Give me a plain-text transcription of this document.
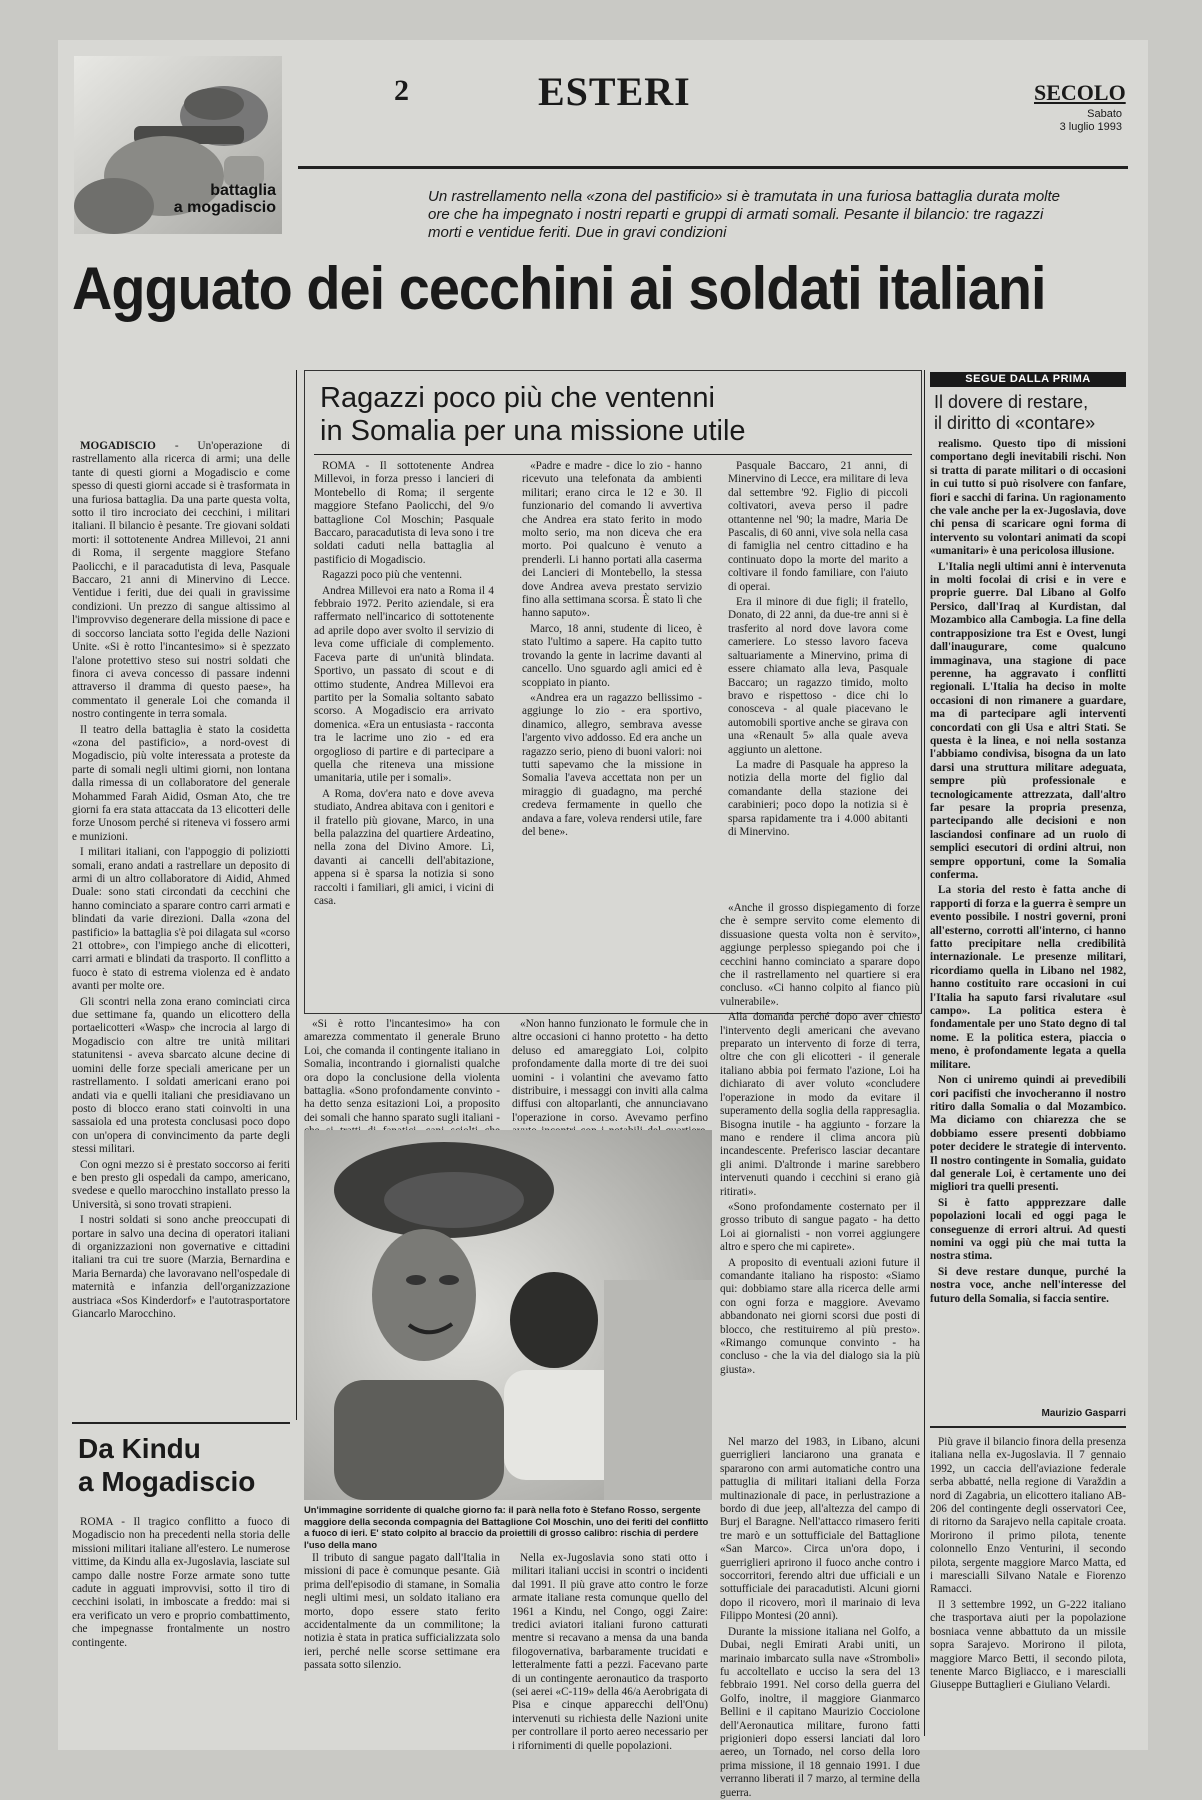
battaglia
a mogadiscio
2	ESTERI	SECOLO
Sabato
3 luglio 1993
Un rastrellamento nella «zona del pastificio» si è tramutata in una furiosa battaglia durata molte ore che ha impegnato i nostri reparti e gruppi di armati somali. Pesante il bilancio: tre ragazzi morti e ventidue feriti. Due in gravi condizioni
Agguato dei cecchini ai soldati italiani
Ragazzi poco più che ventenni
in Somalia per una missione utile

ROMA - Il sottotenente Andrea Millevoi, in forza presso i lancieri di Montebello di Roma; il sergente maggiore Stefano Paolicchi, del 9/o battaglione Col Moschin; Pasquale Baccaro, paracadutista di leva sono i tre soldati caduti nella battaglia al pastificio di Mogadiscio.

Ragazzi poco più che ventenni.

Andrea Millevoi era nato a Roma il 4 febbraio 1972. Perito aziendale, si era raffermato nell'incarico di sottotenente ad aprile dopo aver svolto il servizio di leva come ufficiale di complemento. Faceva parte di un'unità blindata. Sportivo, un passato di scout e di ottimo studente, Andrea Millevoi era partito per la Somalia soltanto sabato scorso. A Mogadiscio era arrivato domenica. «Era un entusiasta - racconta tra le lacrime uno zio - ed era orgoglioso di partire e di partecipare a quella che riteneva una missione umanitaria, utile per i somali».

A Roma, dov'era nato e dove aveva studiato, Andrea abitava con i genitori e il fratello più giovane, Marco, in una bella palazzina del quartiere Ardeatino, nella zona del Divino Amore. Lì, davanti ai cancelli dell'abitazione, appena si è sparsa la notizia si sono raccolti i familiari, gli amici, i vicini di casa.

«Padre e madre - dice lo zio - hanno ricevuto una telefonata da ambienti militari; erano circa le 12 e 30. Il funzionario del comando li avvertiva che Andrea era stato ferito in modo molto serio, ma non diceva che era morto. Poi qualcuno è venuto a prenderli. Li hanno portati alla caserma dei Lancieri di Montebello, la stessa dove Andrea aveva prestato servizio fino alla settimana scorsa. È stato lì che hanno saputo».

Marco, 18 anni, studente di liceo, è stato l'ultimo a sapere. Ha capito tutto trovando la gente in lacrime davanti al cancello. Uno sguardo agli amici ed è scoppiato in pianto.

«Andrea era un ragazzo bellissimo - aggiunge lo zio - era sportivo, dinamico, allegro, sembrava avesse l'argento vivo addosso. Ed era anche un ragazzo serio, pieno di buoni valori: noi tutti sapevamo che la missione in Somalia l'aveva accettata non per un miraggio di guadagno, ma perché credeva fermamente in quello che andava a fare, voleva rendersi utile, fare del bene».

Pasquale Baccaro, 21 anni, di Minervino di Lecce, era militare di leva dal settembre '92. Figlio di piccoli coltivatori, aveva perso il padre ottantenne nel '90; la madre, Maria De Pascalis, di 60 anni, vive sola nella casa di famiglia nel centro cittadino e ha continuato dopo la morte del marito a coltivare il fondo familiare, con l'aiuto di operai.

Era il minore di due figli; il fratello, Donato, di 22 anni, da due-tre anni si è trasferito al nord dove lavora come cameriere. Lo stesso lavoro faceva saltuariamente a Minervino, prima di essere chiamato alla leva, Pasquale Baccaro; un ragazzo timido, molto bravo e rispettoso - dice chi lo conosceva - al quale piacevano le automobili sportive anche se girava con una «Renault 5» alla quale aveva aggiunto un alettone.

La madre di Pasquale ha appreso la notizia della morte del figlio dal comandante della stazione dei carabinieri; poco dopo la notizia si è sparsa rapidamente tra i 4.000 abitanti di Minervino.

MOGADISCIO - Un'operazione di rastrellamento alla ricerca di armi; una delle tante di questi giorni a Mogadiscio e come spesso di questi giorni accade si è trasformata in una furiosa battaglia. Da una parte questa volta, sotto il tiro incrociato dei cecchini, i militari italiani. Il bilancio è pesante. Tre giovani soldati morti: il sottotenente Andrea Millevoi, 21 anni di Roma, il sergente maggiore Stefano Paolicchi, e il paracadutista di leva, Pasquale Baccaro, 21 anni di Minervino di Lecce. Ventidue i feriti, due dei quali in gravissime condizioni. Un prezzo di sangue altissimo al l'improvviso degenerare della missione di pace e di soccorso lanciata sotto l'egida delle Nazioni Unite. «Si è rotto l'incantesimo» si è spezzato l'alone protettivo steso sui nostri soldati che finora ci aveva concesso di passare indenni attraverso il dramma di questo paese», ha commentato il generale Loi che comanda il nostro contingente in terra somala.

Il teatro della battaglia è stato la cosidetta «zona del pastificio», a nord-ovest di Mogadiscio, più volte interessata a proteste da parte di somali negli ultimi giorni, non lontana dalla rimessa di un collaboratore del generale Mohammed Farah Aidid, Osman Ato, che tre giorni fa era stata attaccata da 13 elicotteri delle forze Unosom perché si riteneva vi fossero armi e munizioni.

I militari italiani, con l'appoggio di poliziotti somali, erano andati a rastrellare un deposito di armi di un altro collaboratore di Aidid, Ahmed Duale: sono stati circondati da cecchini che hanno cominciato a sparare contro carri armati e blindati da varie direzioni. Dalla «zona del pastificio» la battaglia s'è poi dilagata sul «corso 21 ottobre», con l'impiego anche di elicotteri, carri armati e blindati da trasporto. Il conflitto a fuoco è stato di estrema violenza ed è andato avanti per molte ore.

Gli scontri nella zona erano cominciati circa due settimane fa, quando un elicottero della portaelicotteri «Wasp» che incrocia al largo di Mogadiscio con altre tre unità militari statunitensi - aveva sbarcato alcune decine di uomini delle forze speciali americane per un rastrellamento. I soldati americani erano poi andati via e quelli italiani che presidiavano un posto di blocco erano stati coinvolti in una sassaiola ed una protesta conclusasi poco dopo con un'opera di convincimento da parte degli stessi militari.

Con ogni mezzo si è prestato soccorso ai feriti e ben presto gli ospedali da campo, americano, svedese e quello marocchino installato presso la Università, si sono trovati strapieni.

I nostri soldati si sono anche preoccupati di portare in salvo una decina di operatori italiani di organizzazioni non governative e cittadini italiani tra cui tre suore (Marzia, Bernardina e Maria Bernarda) che lavoravano nell'ospedale di maternità e infanzia dell'organizzazione austriaca «Sos Kinderdorf» e l'autotrasportatore Giancarlo Marocchino.

«Si è rotto l'incantesimo» ha con amarezza commentato il generale Bruno Loi, che comanda il contingente italiano in Somalia, incontrando i giornalisti qualche ora dopo la conclusione della violenta battaglia. «Sono profondamente convinto - ha detto senza esitazioni Loi, a proposito dei somali che hanno sparato sugli italiani -

«Non hanno funzionato le formule che in altre occasioni ci hanno protetto - ha detto deluso ed amareggiato Loi, colpito profondamente dalla morte di tre dei suoi uomini - i volantini che avevamo fatto distribuire, i messaggi con inviti alla calma diffusi con altoparlanti, che annunciavano l'operazione in corso. Avevamo perfino

«Anche il grosso dispiegamento di forze che è sempre servito come elemento di dissuasione questa volta non è servito», aggiunge perplesso spiegando poi che i cecchini hanno cominciato a sparare dopo che il rastrellamento nel quartiere si era concluso. «Ci hanno colpito al fianco più vulnerabile».

Alla domanda perché dopo aver chiesto l'intervento degli americani che avevano preparato un intervento di forze di terra, oltre che con gli elicotteri - il generale italiano abbia poi fermato l'azione, Loi ha dichiarato di aver voluto «concludere l'operazione in modo da evitare il superamento della soglia della rappresaglia. Bisogna inutile - ha aggiunto - forzare la mano e rendere il clima ancora più incandescente. Preferisco lasciar decantare gli animi. D'altronde i marine sarebbero intervenuti quando i cecchini si erano già ritirati».

«Sono profondamente costernato per il grosso tributo di sangue pagato - ha detto Loi ai giornalisti - non vorrei aggiungere altro e spero che mi capirete».

A proposito di eventuali azioni future il comandante italiano ha risposto: «Siamo qui: dobbiamo stare alla ricerca delle armi con ogni forza e maggiore. Avevamo abbandonato nei giorni scorsi due posti di blocco, che restituiremo al più presto». «Rimango comunque convinto - ha concluso - che la via del dialogo sia la più giusta».

Un'immagine sorridente di qualche giorno fa: il parà nella foto è Stefano Rosso, sergente maggiore della seconda compagnia del Battaglione Col Moschin, uno dei feriti del conflitto a fuoco di ieri. E' stato colpito al braccio da proiettili di grosso calibro: rischia di perdere l'uso della mano
SEGUE DALLA PRIMA
Il dovere di restare,
il diritto di «contare»

realismo. Questo tipo di missioni comportano degli inevitabili rischi. Non si tratta di parate militari o di occasioni in cui tutto si può risolvere con fanfare, fiori e sacchi di farina. Un ragionamento che vale anche per la ex-Jugoslavia, dove chi pensa di scaricare ogni forma di intervento su volontari animati da scopi «umanitari» è una pericolosa illusione.

L'Italia negli ultimi anni è intervenuta in molti focolai di crisi e in vere e proprie guerre. Dal Libano al Golfo Persico, dall'Iraq al Kurdistan, dal Mozambico alla Cambogia. La fine della contrapposizione tra Est e Ovest, lungi dall'inaugurare, come qualcuno immaginava, una stagione di pace perenne, ha aggravato i conflitti regionali. L'Italia ha deciso in molte occasioni di non rimanere a guardare, ma di partecipare agli interventi concordati con gli Usa e altri Stati. Se questa è la linea, e noi nella sostanza l'abbiamo condivisa, bisogna da un lato darsi una struttura militare adeguata, sempre più professionale e tecnologicamente attrezzata, dall'altro far pesare la propria presenza, partecipando alle decisioni e non lasciandosi confinare ad un ruolo di semplici esecutori di ordini altrui, non sempre opportuni, come la Somalia conferma.

La storia del resto è fatta anche di rapporti di forza e la guerra è sempre un evento possibile. I nostri governi, proni all'esterno, corrotti all'interno, ci hanno fatto precipitare nella credibilità internazionale. Le presenze militari, ricordiamo quella in Libano nel 1982, hanno costituito rare occasioni in cui l'Italia ha saputo farsi rivalutare «sul campo». La politica estera è fondamentale per uno Stato degno di tal nome. E la politica estera, piaccia o meno, è profondamente legata a quella militare.

Non ci uniremo quindi ai prevedibili cori pacifisti che invocheranno il nostro ritiro dalla Somalia o dal Mozambico. Ma diciamo con chiarezza che se dobbiamo essere presenti dobbiamo poter decidere le strategie di intervento. Il nostro contingente in Somalia, guidato dal generale Loi, è certamente uno dei migliori tra quelli presenti.

Si è fatto appprezzare dalle popolazioni locali ed oggi paga le conseguenze di errori altrui. Ad questi nomini va oggi più che mai tutta la nostra stima.

Si deve restare dunque, purché la nostra voce, anche nell'interesse del futuro della Somalia, si faccia sentire.

Maurizio Gasparri
Da Kindu
a Mogadiscio

ROMA - Il tragico conflitto a fuoco di Mogadiscio non ha precedenti nella storia delle missioni militari italiane all'estero. Le numerose vittime, da Kindu alla ex-Jugoslavia, lasciate sul campo dalle nostre Forze armate sono tutte cadute in agguati improvvisi, sotto il tiro di cecchini isolati, in imboscate a freddo: mai si era verificato un vero e proprio combattimento, che impegnasse frontalmente un nostro contingente.

Il tributo di sangue pagato dall'Italia in missioni di pace è comunque pesante. Già prima dell'episodio di stamane, in Somalia negli ultimi mesi, un soldato italiano era morto, dopo essere stato ferito accidentalmente da un commilitone; la notizia è stata in pratica sufficializzata solo ieri, perché nelle scorse settimane era passata sotto silenzio.

Nella ex-Jugoslavia sono stati otto i militari italiani uccisi in scontri o incidenti dal 1991. Il più grave atto contro le forze armate italiane resta comunque quello del 1961 a Kindu, nel Congo, oggi Zaire: tredici aviatori italiani furono catturati mentre si recavano a mensa da una banda filogovernativa, barbaramente trucidati e letteralmente fatti a pezzi. Facevano parte di un contingente aeronautico da trasporto (sei aerei «C-119» della 46/a Aerobrigata di Pisa e cinque apparecchi dell'Onu) intervenuti su richiesta delle Nazioni unite per controllare il porto aereo necessario per i rifornimenti di quelle popolazioni.

Nel marzo del 1983, in Libano, alcuni guerriglieri lanciarono una granata e spararono con armi automatiche contro una pattuglia di militari italiani della Forza multinazionale di pace, in perlustrazione a bordo di due jeep, all'altezza del campo di Burj el Baragne. Nell'attacco rimasero feriti tre marò e un sottufficiale del Battaglione «San Marco». Circa un'ora dopo, i guerriglieri aprirono il fuoco anche contro i soccorritori, ferendo altri due ufficiali e un sottufficiale dei paracadutisti. Alcuni giorni dopo il ricovero, morì il marinaio di leva Filippo Montesi (20 anni).

Durante la missione italiana nel Golfo, a Dubai, negli Emirati Arabi uniti, un marinaio imbarcato sulla nave «Stromboli» fu accoltellato e ucciso la sera del 13 febbraio 1991. Nel corso della guerra del Golfo, inoltre, il maggiore Gianmarco Bellini e il capitano Maurizio Cocciolone dell'Aeronautica militare, furono fatti prigionieri dopo essersi lanciati dal loro aereo, un Tornado, nel corso della loro prima missione, il 18 gennaio 1991. I due verranno liberati il 7 marzo, al termine della guerra.

Più grave il bilancio finora della presenza italiana nella ex-Jugoslavia. Il 7 gennaio 1992, un caccia dell'aviazione federale serba abbatté, nella regione di Varaždin a nord di Zagabria, un elicottero italiano AB-206 del contingente degli osservatori Cee, di ritorno da Sarajevo nella capitale croata. Morirono il primo pilota, tenente colonnello Enzo Venturini, il secondo pilota, sergente maggiore Marco Matta, ed i marescialli Silvano Natale e Fiorenzo Ramacci.

Il 3 settembre 1992, un G-222 italiano che trasportava aiuti per la popolazione bosniaca venne abbattuto da un missile sopra Sarajevo. Morirono il pilota, maggiore Marco Betti, il secondo pilota, tenente Marco Bigliacco, e i marescialli Giuseppe Buttaglieri e Giuliano Velardi.
